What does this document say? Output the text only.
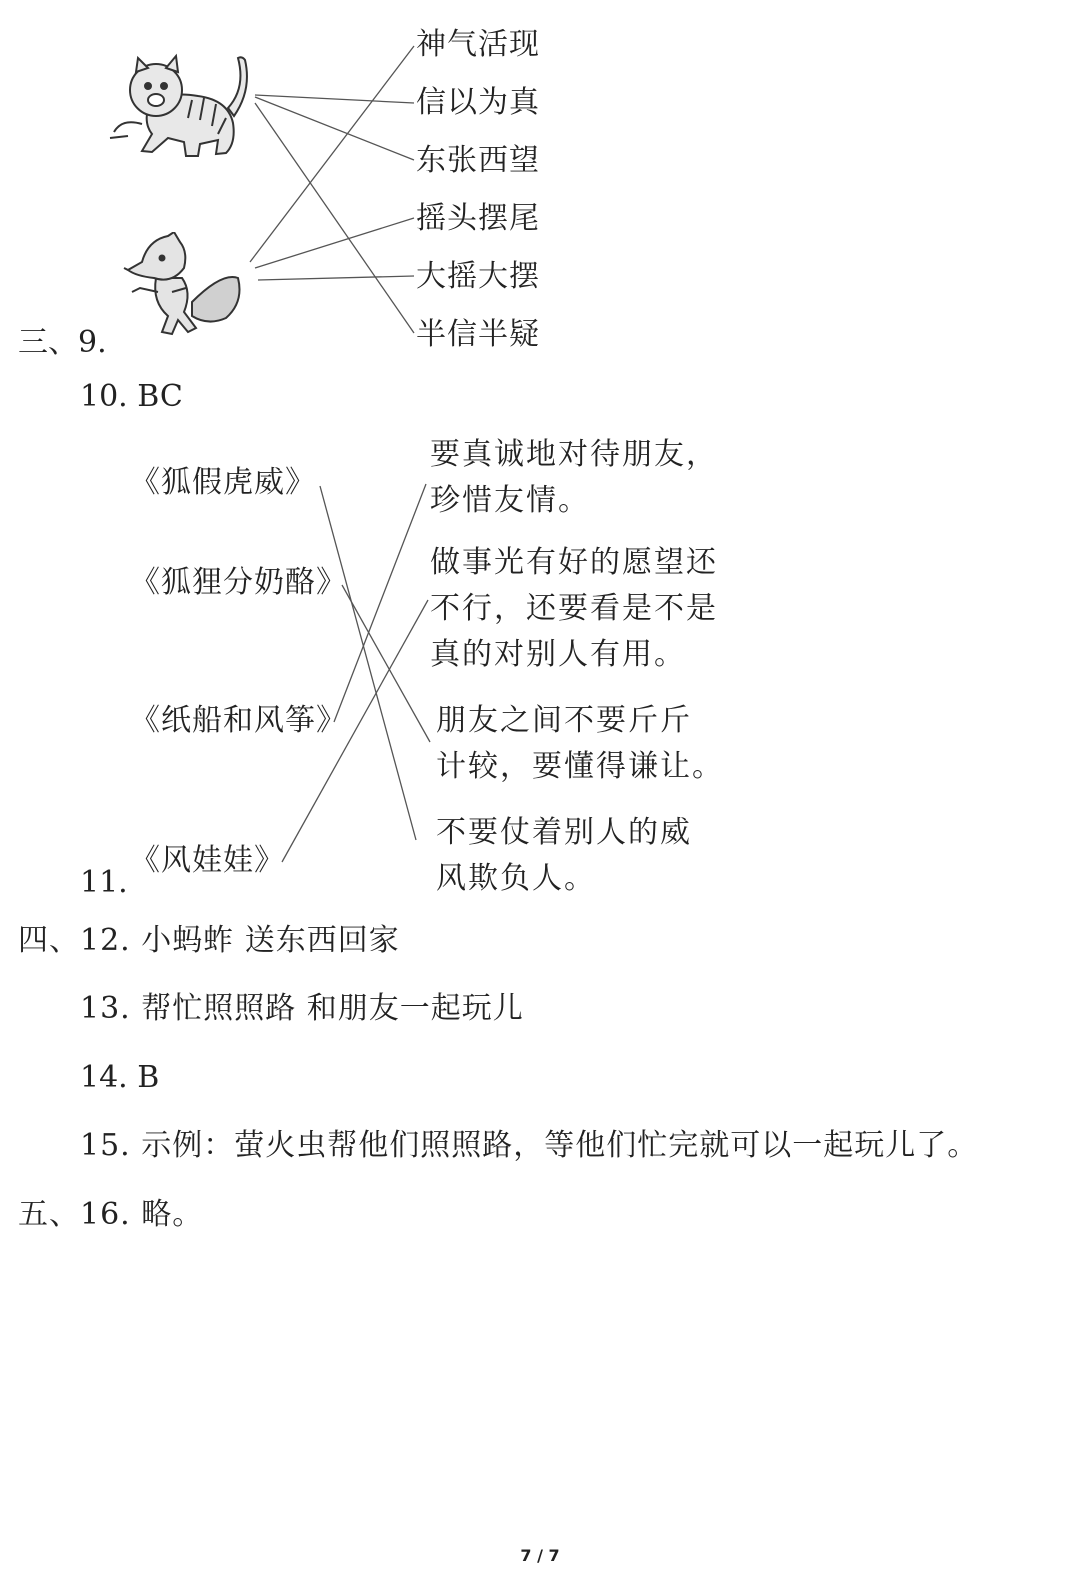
神气活现
信以为真
东张西望
摇头摆尾
大摇大摆
半信半疑
三、9.
10. BC
《狐假虎威》
《狐狸分奶酪》
《纸船和风筝》
《风娃娃》
要真诚地对待朋友，
珍惜友情。
做事光有好的愿望还
不行，还要看是不是
真的对别人有用。
朋友之间不要斤斤
计较，要懂得谦让。
不要仗着别人的威
风欺负人。
11.
四、12. 小蚂蚱 送东西回家
13. 帮忙照照路 和朋友一起玩儿
14. B
15. 示例：萤火虫帮他们照照路，等他们忙完就可以一起玩儿了。
五、16. 略。
7 / 7
